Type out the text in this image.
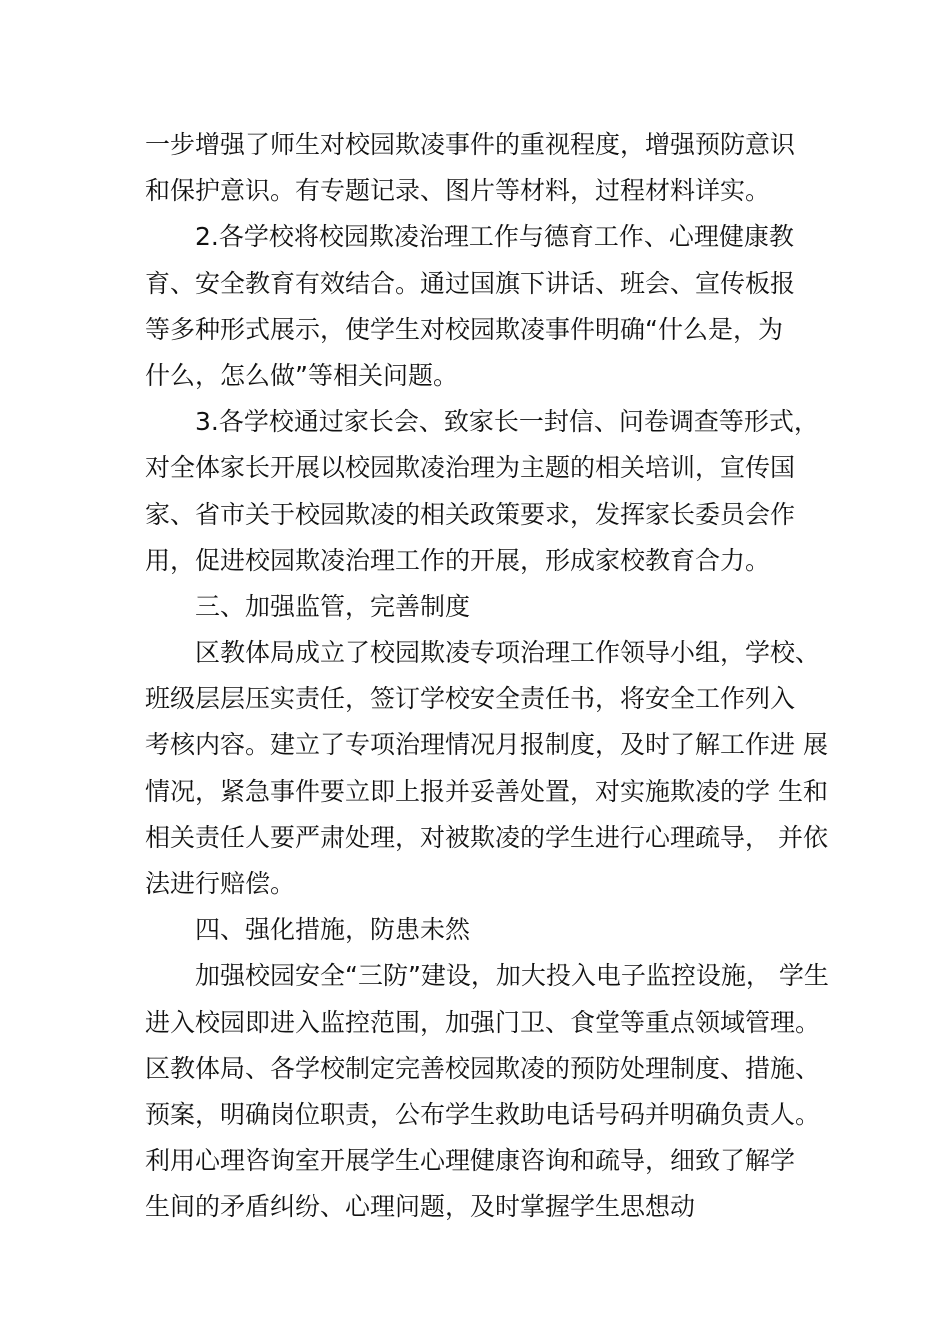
一步增强了师生对校园欺凌事件的重视程度，增强预防意识
和保护意识。有专题记录、图片等材料，过程材料详实。
2.各学校将校园欺凌治理工作与德育工作、心理健康教
育、安全教育有效结合。通过国旗下讲话、班会、宣传板报
等多种形式展示，使学生对校园欺凌事件明确“什么是，为
什么，怎么做”等相关问题。
3.各学校通过家长会、致家长一封信、问卷调查等形式，
对全体家长开展以校园欺凌治理为主题的相关培训，宣传国
家、省市关于校园欺凌的相关政策要求，发挥家长委员会作
用，促进校园欺凌治理工作的开展，形成家校教育合力。
三、加强监管，完善制度
区教体局成立了校园欺凌专项治理工作领导小组，学校、
班级层层压实责任，签订学校安全责任书，将安全工作列入
考核内容。建立了专项治理情况月报制度，及时了解工作进 展
情况，紧急事件要立即上报并妥善处置，对实施欺凌的学 生和
相关责任人要严肃处理，对被欺凌的学生进行心理疏导， 并依
法进行赔偿。
四、强化措施，防患未然
加强校园安全“三防”建设，加大投入电子监控设施， 学生
进入校园即进入监控范围，加强门卫、食堂等重点领域管理。
区教体局、各学校制定完善校园欺凌的预防处理制度、措施、
预案，明确岗位职责，公布学生救助电话号码并明确负责人。
利用心理咨询室开展学生心理健康咨询和疏导，细致了解学
生间的矛盾纠纷、心理问题，及时掌握学生思想动
